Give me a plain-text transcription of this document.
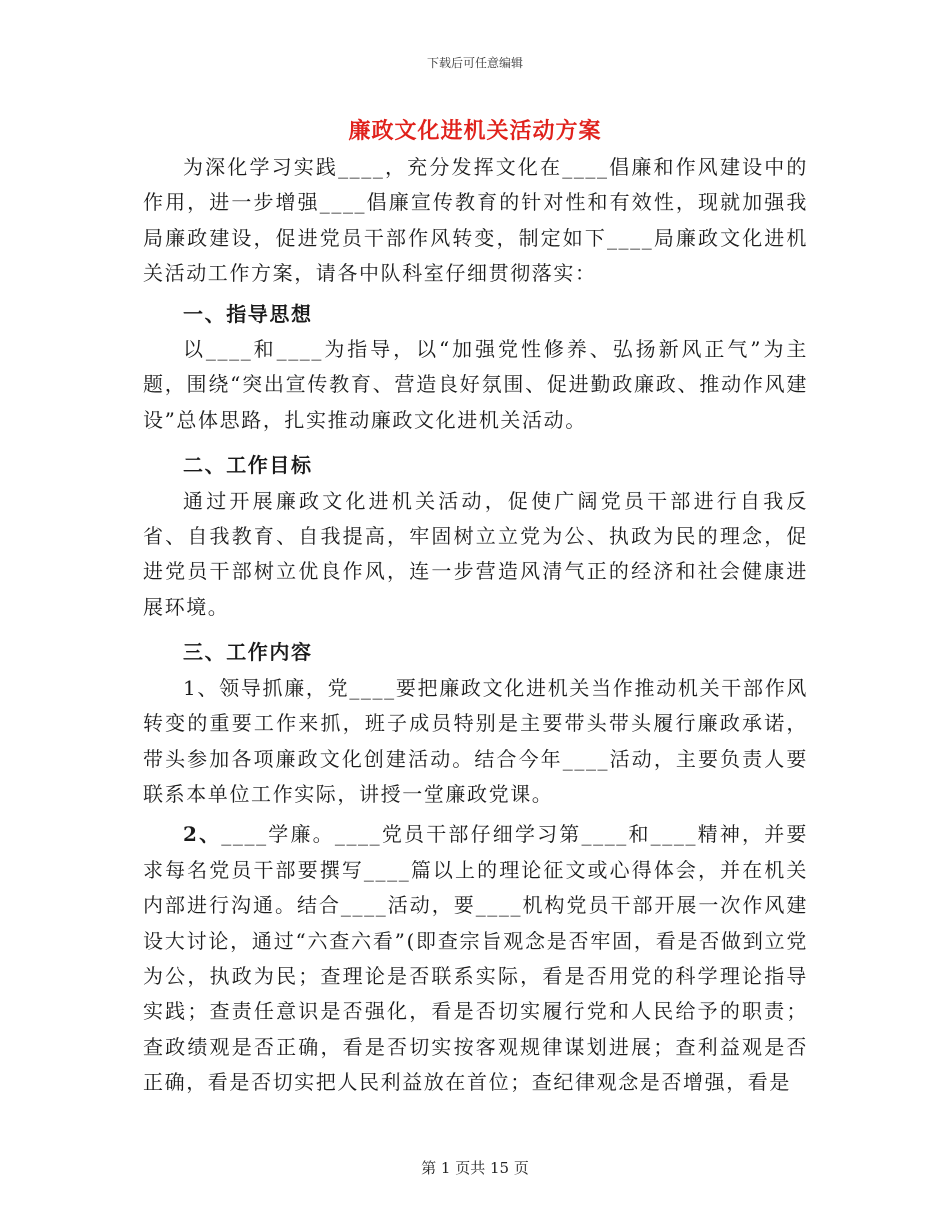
下载后可任意编辑
廉政文化进机关活动方案

为深化学习实践____，充分发挥文化在____倡廉和作风建设中的作用，进一步增强____倡廉宣传教育的针对性和有效性，现就加强我局廉政建设，促进党员干部作风转变，制定如下____局廉政文化进机关活动工作方案，请各中队科室仔细贯彻落实：

一、指导思想

以____和____为指导，以“加强党性修养、弘扬新风正气”为主题，围绕“突出宣传教育、营造良好氛围、促进勤政廉政、推动作风建设”总体思路，扎实推动廉政文化进机关活动。

二、工作目标

通过开展廉政文化进机关活动，促使广阔党员干部进行自我反省、自我教育、自我提高，牢固树立立党为公、执政为民的理念，促进党员干部树立优良作风，连一步营造风清气正的经济和社会健康进展环境。

三、工作内容

1、领导抓廉，党____要把廉政文化进机关当作推动机关干部作风转变的重要工作来抓，班子成员特别是主要带头带头履行廉政承诺，带头参加各项廉政文化创建活动。结合今年____活动，主要负责人要联系本单位工作实际，讲授一堂廉政党课。

2、____学廉。____党员干部仔细学习第____和____精神，并要求每名党员干部要撰写____篇以上的理论征文或心得体会，并在机关内部进行沟通。结合____活动，要____机构党员干部开展一次作风建设大讨论，通过“六查六看”(即查宗旨观念是否牢固，看是否做到立党为公，执政为民；查理论是否联系实际，看是否用党的科学理论指导实践；查责任意识是否强化，看是否切实履行党和人民给予的职责；查政绩观是否正确，看是否切实按客观规律谋划进展；查利益观是否正确，看是否切实把人民利益放在首位；查纪律观念是否增强，看是

第 1 页共 15 页
